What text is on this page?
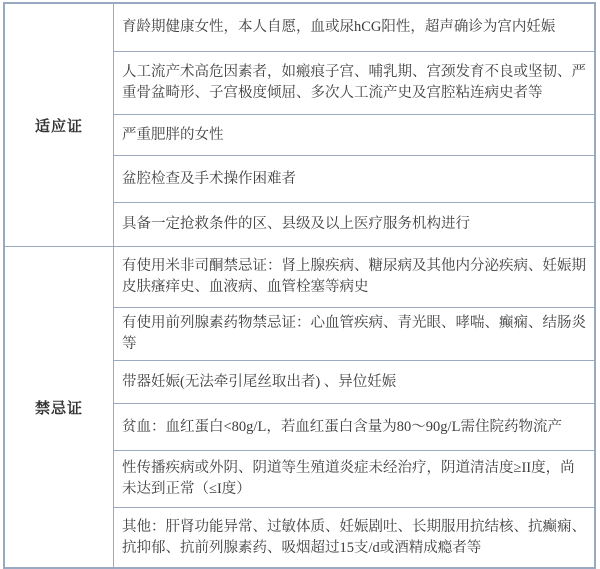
适应证	育龄期健康女性，本人自愿，血或尿hCG阳性，超声确诊为宫内妊娠
	人工流产术高危因素者，如瘢痕子宫、哺乳期、宫颈发育不良或坚韧、严重骨盆畸形、子宫极度倾屈、多次人工流产史及宫腔粘连病史者等
	严重肥胖的女性
	盆腔检查及手术操作困难者
	具备一定抢救条件的区、县级及以上医疗服务机构进行
禁忌证	有使用米非司酮禁忌证：肾上腺疾病、糖尿病及其他内分泌疾病、妊娠期皮肤瘙痒史、血液病、血管栓塞等病史
	有使用前列腺素药物禁忌证：心血管疾病、青光眼、哮喘、癫痫、结肠炎等
	带器妊娠(无法牵引尾丝取出者) 、异位妊娠
	贫血：血红蛋白<80g/L，若血红蛋白含量为80～90g/L需住院药物流产
	性传播疾病或外阴、阴道等生殖道炎症未经治疗，阴道清洁度≥II度，尚未达到正常（≤I度）
	其他：肝肾功能异常、过敏体质、妊娠剧吐、长期服用抗结核、抗癫痫、抗抑郁、抗前列腺素药、吸烟超过15支/d或酒精成瘾者等
